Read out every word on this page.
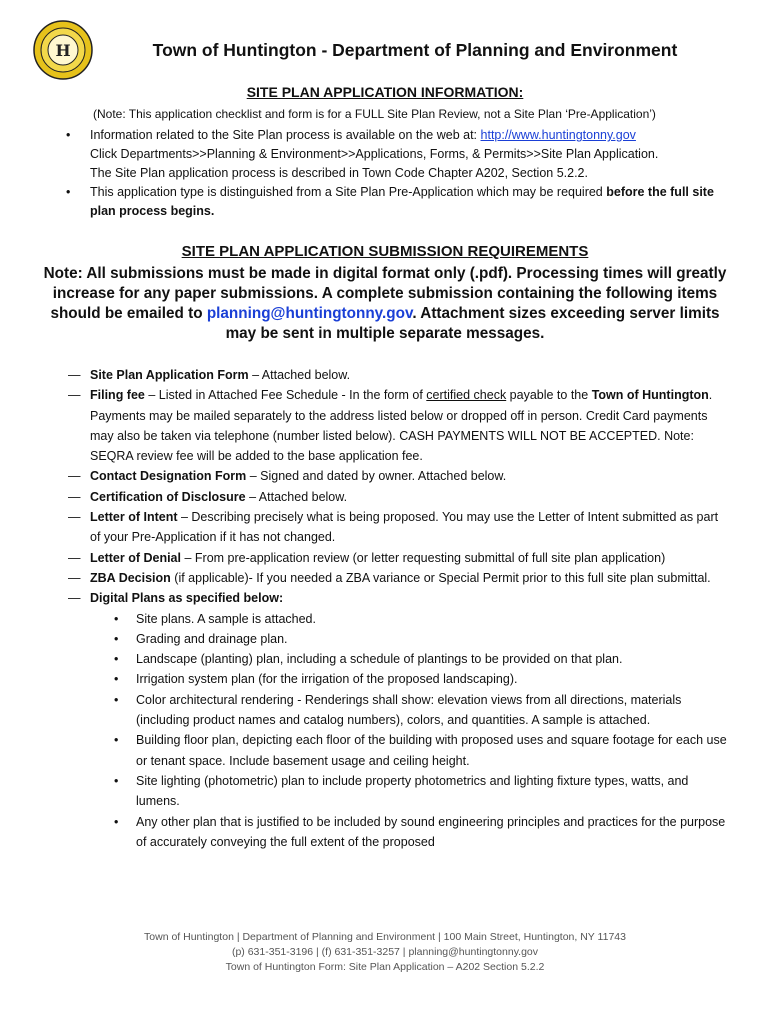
H	Town of Huntington - Department of Planning and Environment
SITE PLAN APPLICATION INFORMATION:
(Note: This application checklist and form is for a FULL Site Plan Review, not a Site Plan ‘Pre-Application’)
• Information related to the Site Plan process is available on the web at: http://www.huntingtonny.gov
Click Departments>>Planning & Environment>>Applications, Forms, & Permits>>Site Plan Application.
The Site Plan application process is described in Town Code Chapter A202, Section 5.2.2.
• This application type is distinguished from a Site Plan Pre-Application which may be required before the full site plan process begins.
SITE PLAN APPLICATION SUBMISSION REQUIREMENTS
Note: All submissions must be made in digital format only (.pdf). Processing times will greatly increase for any paper submissions. A complete submission containing the following items should be emailed to planning@huntingtonny.gov. Attachment sizes exceeding server limits may be sent in multiple separate messages.
— Site Plan Application Form – Attached below.
— Filing fee – Listed in Attached Fee Schedule - In the form of certified check payable to the Town of Huntington. Payments may be mailed separately to the address listed below or dropped off in person. Credit Card payments may also be taken via telephone (number listed below). CASH PAYMENTS WILL NOT BE ACCEPTED. Note: SEQRA review fee will be added to the base application fee.
— Contact Designation Form – Signed and dated by owner. Attached below.
— Certification of Disclosure – Attached below.
— Letter of Intent – Describing precisely what is being proposed. You may use the Letter of Intent submitted as part of your Pre-Application if it has not changed.
— Letter of Denial – From pre-application review (or letter requesting submittal of full site plan application)
— ZBA Decision (if applicable)- If you needed a ZBA variance or Special Permit prior to this full site plan submittal.
— Digital Plans as specified below:
• Site plans. A sample is attached.
• Grading and drainage plan.
• Landscape (planting) plan, including a schedule of plantings to be provided on that plan.
• Irrigation system plan (for the irrigation of the proposed landscaping).
• Color architectural rendering - Renderings shall show: elevation views from all directions, materials (including product names and catalog numbers), colors, and quantities. A sample is attached.
• Building floor plan, depicting each floor of the building with proposed uses and square footage for each use or tenant space. Include basement usage and ceiling height.
• Site lighting (photometric) plan to include property photometrics and lighting fixture types, watts, and lumens.
• Any other plan that is justified to be included by sound engineering principles and practices for the purpose of accurately conveying the full extent of the proposed
Town of Huntington | Department of Planning and Environment | 100 Main Street, Huntington, NY 11743
(p) 631-351-3196 | (f) 631-351-3257 | planning@huntingtonny.gov
Town of Huntington Form: Site Plan Application – A202 Section 5.2.2
